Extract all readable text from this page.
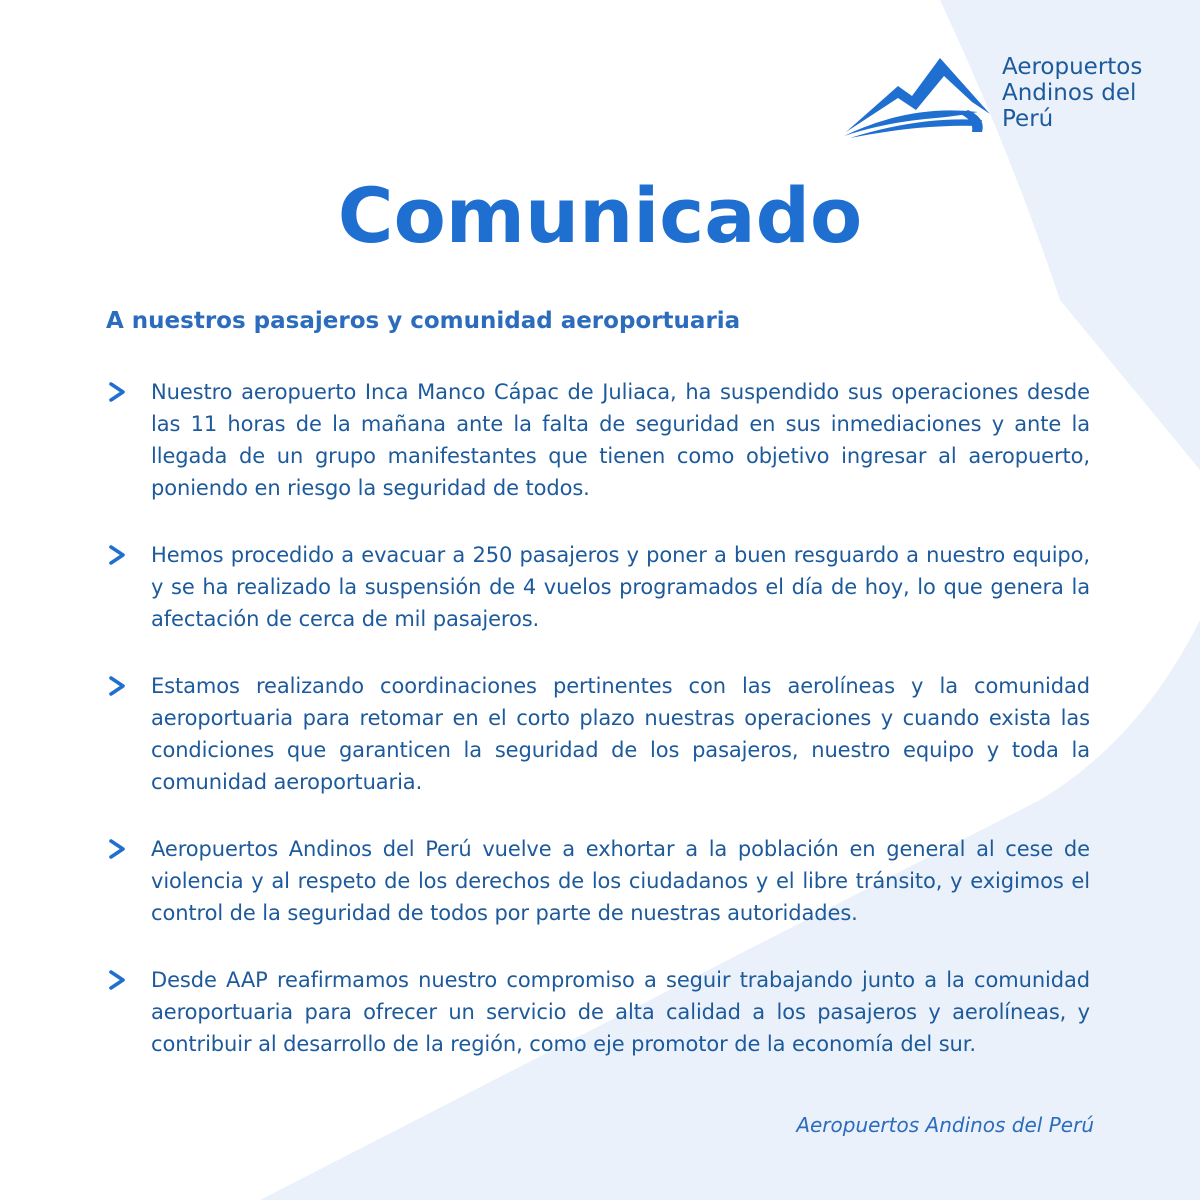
Aeropuertos
Andinos del
Perú
Comunicado
A nuestros pasajeros y comunidad aeroportuaria

Nuestro aeropuerto Inca Manco Cápac de Juliaca, ha suspendido sus operaciones desde las 11 horas de la mañana ante la falta de seguridad en sus inmediaciones y ante la llegada de un grupo manifestantes que tienen como objetivo ingresar al aeropuerto, poniendo en riesgo la seguridad de todos.

Hemos procedido a evacuar a 250 pasajeros y poner a buen resguardo a nuestro equipo, y se ha realizado la suspensión de 4 vuelos programados el día de hoy, lo que genera la afectación de cerca de mil pasajeros.

Estamos realizando coordinaciones pertinentes con las aerolíneas y la comunidad aeroportuaria para retomar en el corto plazo nuestras operaciones y cuando exista las condiciones que garanticen la seguridad de los pasajeros, nuestro equipo y toda la comunidad aeroportuaria.

Aeropuertos Andinos del Perú vuelve a exhortar a la población en general al cese de violencia y al respeto de los derechos de los ciudadanos y el libre tránsito, y exigimos el control de la seguridad de todos por parte de nuestras autoridades.

Desde AAP reafirmamos nuestro compromiso a seguir trabajando junto a la comunidad aeroportuaria para ofrecer un servicio de alta calidad a los pasajeros y aerolíneas, y contribuir al desarrollo de la región, como eje promotor de la economía del sur.

Aeropuertos Andinos del Perú
